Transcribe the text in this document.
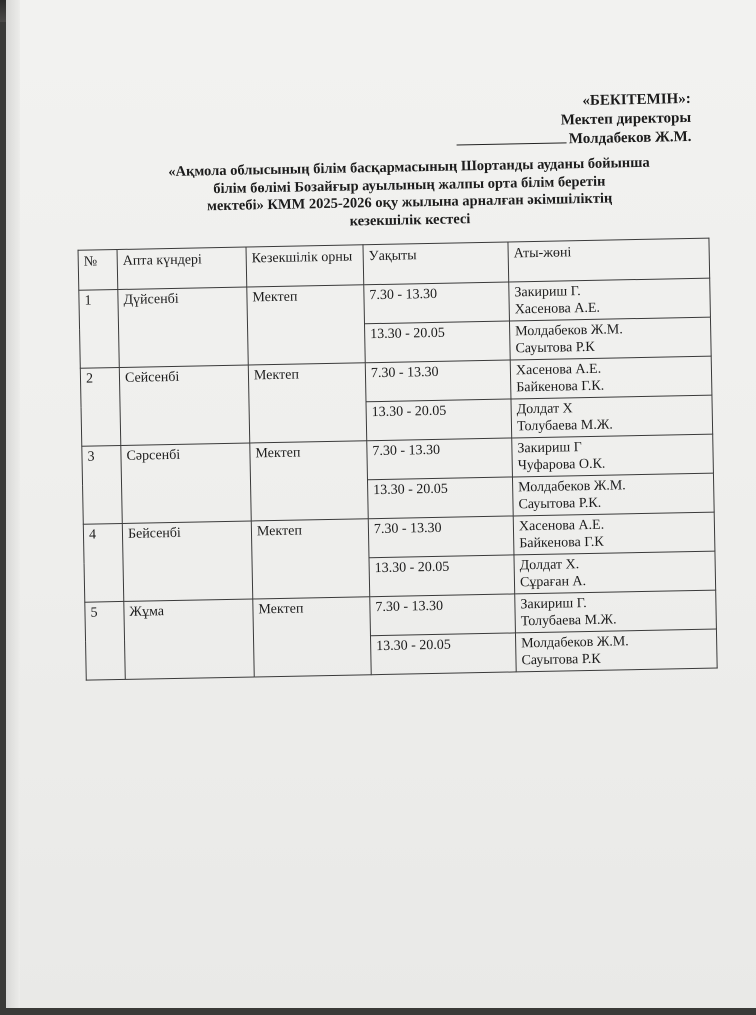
«БЕКІТЕМІН»:
Мектеп директоры
Молдабеков Ж.М.
«Ақмола облысының білім басқармасының Шортанды ауданы бойынша
білім бөлімі Бозайғыр ауылының жалпы орта білім беретін
мектебі» КММ 2025-2026 оқу жылына арналған әкімшіліктің
кезекшілік кестесі
№	Апта күндері	Кезекшілік орны	Уақыты	Аты-жөні
1	Дүйсенбі	Мектеп	7.30 - 13.30	Закириш Г.
Хасенова А.Е.

			13.30 - 20.05	Молдабеков Ж.М.
Сауытова Р.К

2	Сейсенбі	Мектеп	7.30 - 13.30	Хасенова А.Е.
Байкенова Г.К.

			13.30 - 20.05	Долдат Х
Толубаева М.Ж.

3	Сәрсенбі	Мектеп	7.30 - 13.30	Закириш Г
Чуфарова О.К.

			13.30 - 20.05	Молдабеков Ж.М.
Сауытова Р.К.

4	Бейсенбі	Мектеп	7.30 - 13.30	Хасенова А.Е.
Байкенова Г.К

			13.30 - 20.05	Долдат Х.
Сұраған А.

5	Жұма	Мектеп	7.30 - 13.30	Закириш Г.
Толубаева М.Ж.

			13.30 - 20.05	Молдабеков Ж.М.
Сауытова Р.К
